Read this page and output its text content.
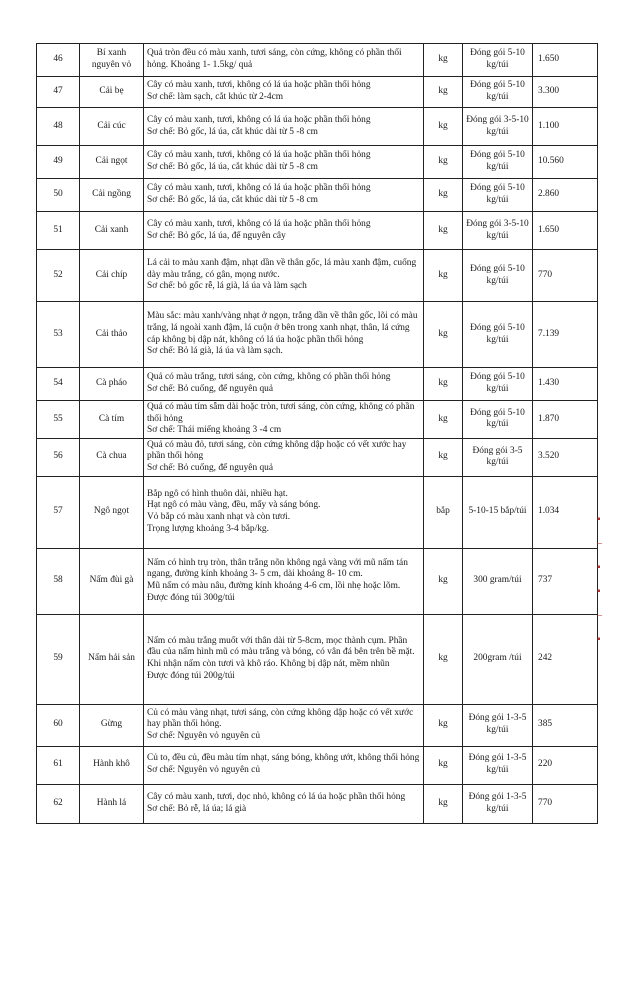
46	Bí xanh nguyên vỏ	Quả tròn đều có màu xanh, tươi sáng, còn cứng, không có phần thối hỏng. Khoảng 1- 1.5kg/ quả	kg	Đóng gói 5-10 kg/túi	1.650
47	Cải bẹ	Cây có màu xanh, tươi, không có lá úa hoặc phần thối hỏng
Sơ chế: làm sạch, cắt khúc từ 2-4cm	kg	Đóng gói 5-10 kg/túi	3.300
48	Cải cúc	Cây có màu xanh, tươi, không có lá úa hoặc phần thối hỏng
Sơ chế: Bỏ gốc, lá úa, cắt khúc dài từ 5 -8 cm	kg	Đóng gói 3-5-10 kg/túi	1.100
49	Cải ngọt	Cây có màu xanh, tươi, không có lá úa hoặc phần thối hỏng
Sơ chế: Bỏ gốc, lá úa, cắt khúc dài từ 5 -8 cm	kg	Đóng gói 5-10 kg/túi	10.560
50	Cải ngồng	Cây có màu xanh, tươi, không có lá úa hoặc phần thối hỏng
Sơ chế: Bỏ gốc, lá úa, cắt khúc dài từ 5 -8 cm	kg	Đóng gói 5-10 kg/túi	2.860
51	Cải xanh	Cây có màu xanh, tươi, không có lá úa hoặc phần thối hỏng
Sơ chế: Bỏ gốc, lá úa, để nguyên cây	kg	Đóng gói 3-5-10 kg/túi	1.650
52	Cải chíp	Lá cải to màu xanh đậm, nhạt dần về thân gốc, lá màu xanh đậm, cuống dày màu trắng, có gân, mọng nước.
Sơ chế: bỏ gốc rễ, lá già, lá úa và làm sạch	kg	Đóng gói 5-10 kg/túi	770
53	Cải thảo	Màu sắc: màu xanh/vàng nhạt ở ngọn, trắng dần về thân gốc, lõi có màu trắng, lá ngoài xanh đậm, lá cuộn ở bên trong xanh nhạt, thân, lá cứng cáp không bị dập nát, không có lá úa hoặc phần thối hỏng
Sơ chế: Bỏ lá già, lá úa và làm sạch.	kg	Đóng gói 5-10 kg/túi	7.139
54	Cà pháo	Quả có màu trắng, tươi sáng, còn cứng, không có phần thối hỏng
Sơ chế: Bỏ cuống, để nguyên quả	kg	Đóng gói 5-10 kg/túi	1.430
55	Cà tím	Quả có màu tím sẫm dài hoặc tròn, tươi sáng, còn cứng, không có phần thối hỏng
Sơ chế: Thái miếng khoảng 3 -4 cm	kg	Đóng gói 5-10 kg/túi	1.870
56	Cà chua	Quả có màu đỏ, tươi sáng, còn cứng không dập hoặc có vết xước hay phần thối hỏng
Sơ chế: Bỏ cuống, để nguyên quả	kg	Đóng gói 3-5 kg/túi	3.520
57	Ngô ngọt	Bắp ngô có hình thuôn dài, nhiều hạt.
Hạt ngô có màu vàng, đều, mẩy và sáng bóng.
Vỏ bắp có màu xanh nhạt và còn tươi.
Trọng lượng khoảng 3-4 bắp/kg.	bắp	5-10-15 bắp/túi	1.034
58	Nấm đùi gà	Nấm có hình trụ tròn, thân trắng nõn không ngả vàng với mũ nấm tán ngang, đường kính khoảng 3- 5 cm, dài khoảng 8- 10 cm.
Mũ nấm có màu nâu, đường kính khoảng 4-6 cm, lồi nhẹ hoặc lõm.
Được đóng túi 300g/túi	kg	300 gram/túi	737
59	Nấm hải sản	Nấm có màu trắng muốt với thân dài từ 5-8cm, mọc thành cụm. Phần đầu của nấm hình mũ có màu trắng và bóng, có vân đá bên trên bề mặt.
Khi nhận nấm còn tươi và khô ráo. Không bị dập nát, mềm nhũn
Được đóng túi 200g/túi	kg	200gram /túi	242
60	Gừng	Củ có màu vàng nhạt, tươi sáng, còn cứng không dập hoặc có vết xước hay phần thối hỏng.
Sơ chế: Nguyên vỏ nguyên củ	kg	Đóng gói 1-3-5 kg/túi	385
61	Hành khô	Củ to, đều củ, đều màu tím nhạt, sáng bóng, không ướt, không thối hỏng
Sơ chế: Nguyên vỏ nguyên củ	kg	Đóng gói 1-3-5 kg/túi	220
62	Hành lá	Cây có màu xanh, tươi, dọc nhỏ, không có lá úa hoặc phần thối hỏng
Sơ chế: Bỏ rễ, lá úa; lá già	kg	Đóng gói 1-3-5 kg/túi	770
▪
–
▪
▪
–
▪
